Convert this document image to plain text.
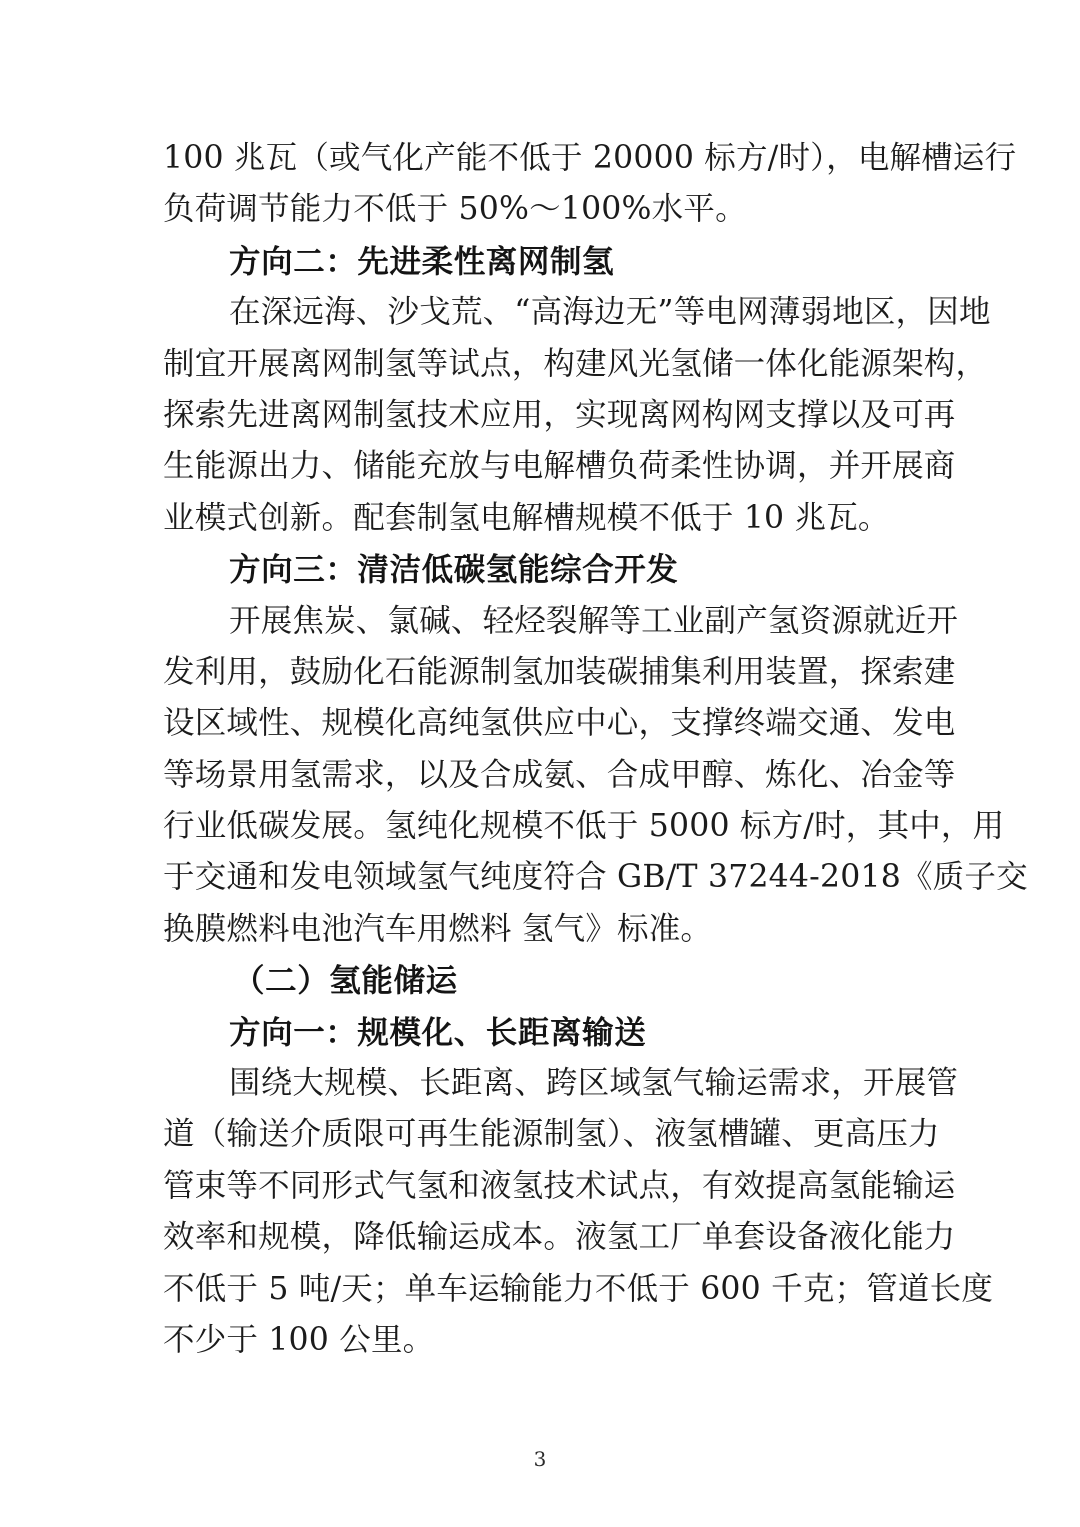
100 兆瓦（或气化产能不低于 20000 标方/时），电解槽运行
负荷调节能力不低于 50%～100%水平。
方向二：先进柔性离网制氢
在深远海、沙戈荒、“高海边无”等电网薄弱地区，因地
制宜开展离网制氢等试点，构建风光氢储一体化能源架构，
探索先进离网制氢技术应用，实现离网构网支撑以及可再
生能源出力、储能充放与电解槽负荷柔性协调，并开展商
业模式创新。配套制氢电解槽规模不低于 10 兆瓦。
方向三：清洁低碳氢能综合开发
开展焦炭、氯碱、轻烃裂解等工业副产氢资源就近开
发利用，鼓励化石能源制氢加装碳捕集利用装置，探索建
设区域性、规模化高纯氢供应中心，支撑终端交通、发电
等场景用氢需求，以及合成氨、合成甲醇、炼化、冶金等
行业低碳发展。氢纯化规模不低于 5000 标方/时，其中，用
于交通和发电领域氢气纯度符合 GB/T 37244-2018《质子交
换膜燃料电池汽车用燃料 氢气》标准。
（二）氢能储运
方向一：规模化、长距离输送
围绕大规模、长距离、跨区域氢气输运需求，开展管
道（输送介质限可再生能源制氢）、液氢槽罐、更高压力
管束等不同形式气氢和液氢技术试点，有效提高氢能输运
效率和规模，降低输运成本。液氢工厂单套设备液化能力
不低于 5 吨/天；单车运输能力不低于 600 千克；管道长度
不少于 100 公里。
3
